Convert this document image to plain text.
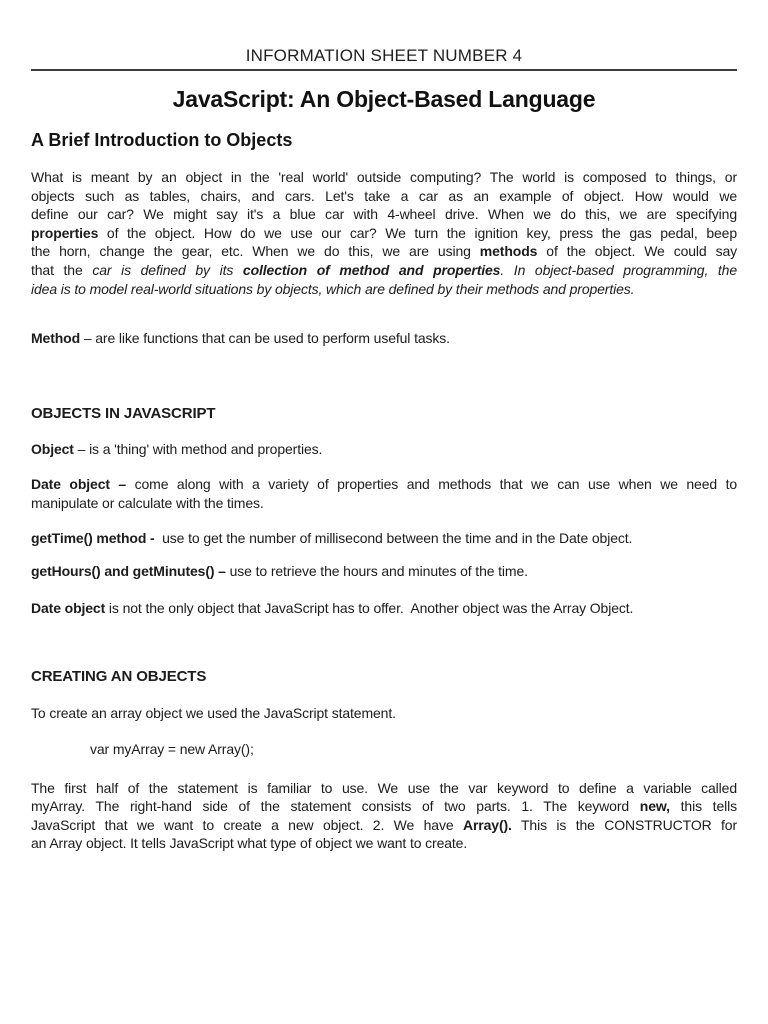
INFORMATION SHEET NUMBER 4
JavaScript: An Object-Based Language
A Brief Introduction to Objects
What is meant by an object in the 'real world' outside computing? The world is composed to things, or
objects such as tables, chairs, and cars. Let's take a car as an example of object. How would we
define our car? We might say it's a blue car with 4-wheel drive. When we do this, we are specifying
properties of the object. How do we use our car? We turn the ignition key, press the gas pedal, beep
the horn, change the gear, etc. When we do this, we are using methods of the object. We could say
that the car is defined by its collection of method and properties. In object-based programming, the
idea is to model real-world situations by objects, which are defined by their methods and properties.
Method – are like functions that can be used to perform useful tasks.
OBJECTS IN JAVASCRIPT
Object – is a 'thing' with method and properties.
Date object – come along with a variety of properties and methods that we can use when we need to
manipulate or calculate with the times.
getTime() method -  use to get the number of millisecond between the time and in the Date object.
getHours() and getMinutes() – use to retrieve the hours and minutes of the time.
Date object is not the only object that JavaScript has to offer.  Another object was the Array Object.
CREATING AN OBJECTS
To create an array object we used the JavaScript statement.
var myArray = new Array();
The first half of the statement is familiar to use. We use the var keyword to define a variable called
myArray. The right-hand side of the statement consists of two parts. 1. The keyword new, this tells
JavaScript that we want to create a new object. 2. We have Array(). This is the CONSTRUCTOR for
an Array object. It tells JavaScript what type of object we want to create.
